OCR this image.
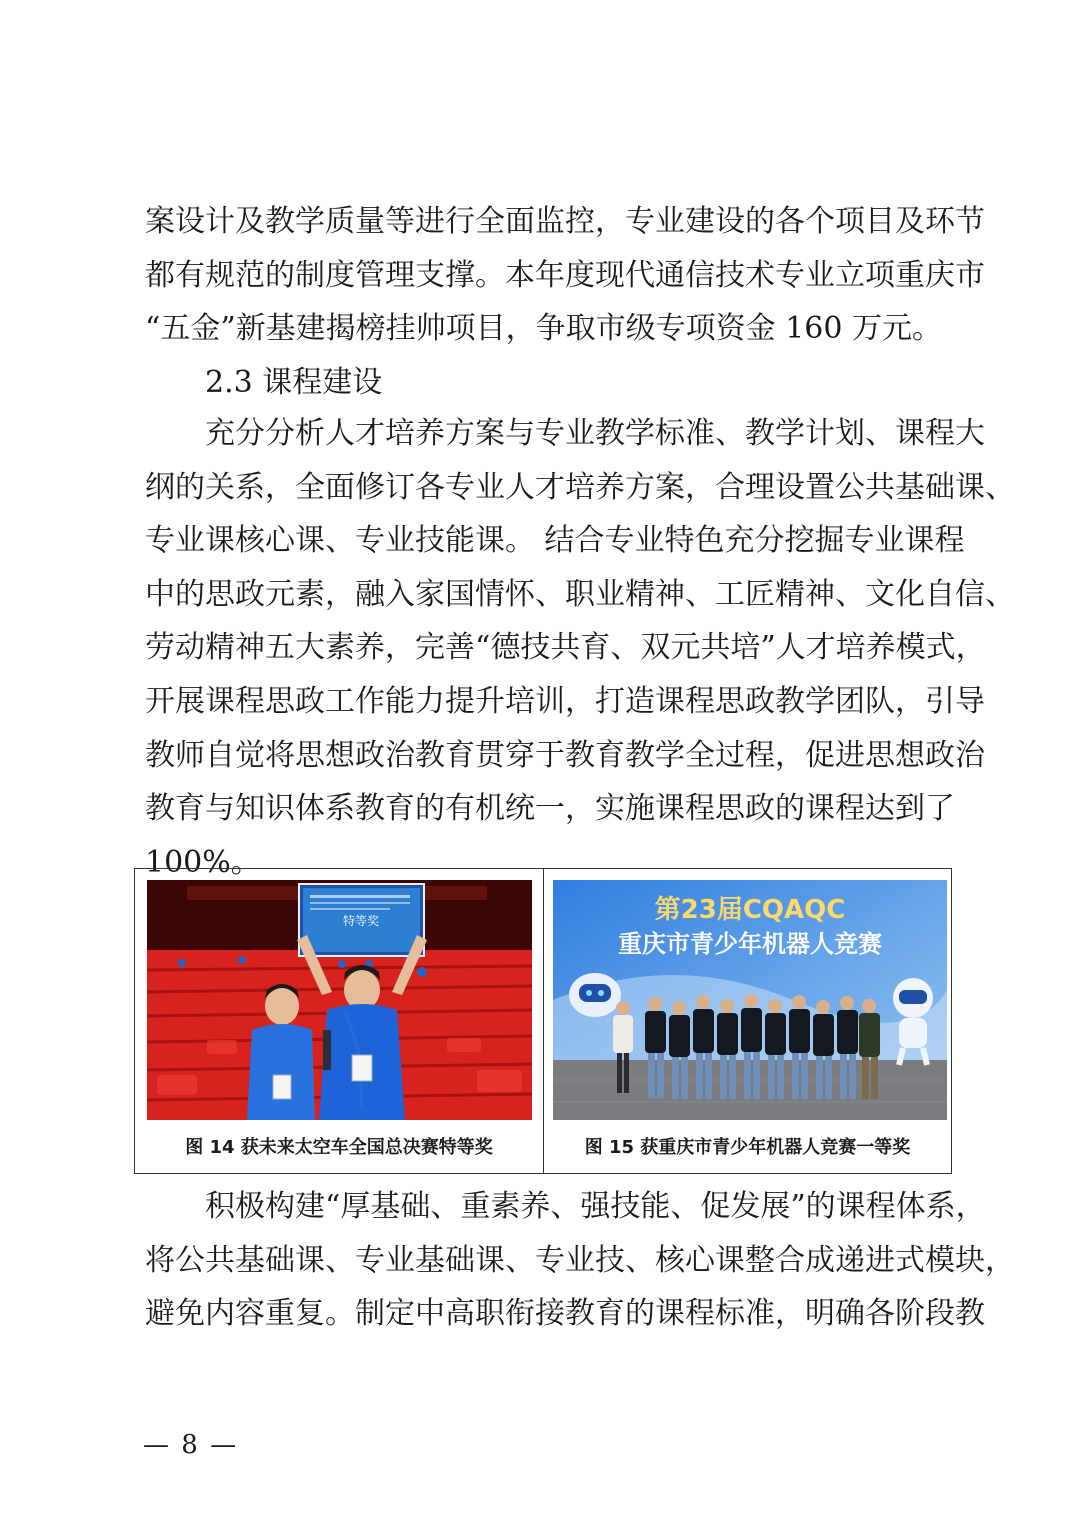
案设计及教学质量等进行全面监控，专业建设的各个项目及环节
都有规范的制度管理支撑。本年度现代通信技术专业立项重庆市
“五金”新基建揭榜挂帅项目，争取市级专项资金 160 万元。
2.3 课程建设
充分分析人才培养方案与专业教学标准、教学计划、课程大
纲的关系，全面修订各专业人才培养方案，合理设置公共基础课、
专业课核心课、专业技能课。 结合专业特色充分挖掘专业课程
中的思政元素，融入家国情怀、职业精神、工匠精神、文化自信、
劳动精神五大素养，完善“德技共育、双元共培”人才培养模式，
开展课程思政工作能力提升培训，打造课程思政教学团队，引导
教师自觉将思想政治教育贯穿于教育教学全过程，促进思想政治
教育与知识体系教育的有机统一，实施课程思政的课程达到了
100%。
特等奖
图 14 获未来太空车全国总决赛特等奖
第23届CQAQC
重庆市青少年机器人竞赛
图 15 获重庆市青少年机器人竞赛一等奖
积极构建“厚基础、重素养、强技能、促发展”的课程体系，
将公共基础课、专业基础课、专业技、核心课整合成递进式模块，
避免内容重复。制定中高职衔接教育的课程标准，明确各阶段教
— 8 —
